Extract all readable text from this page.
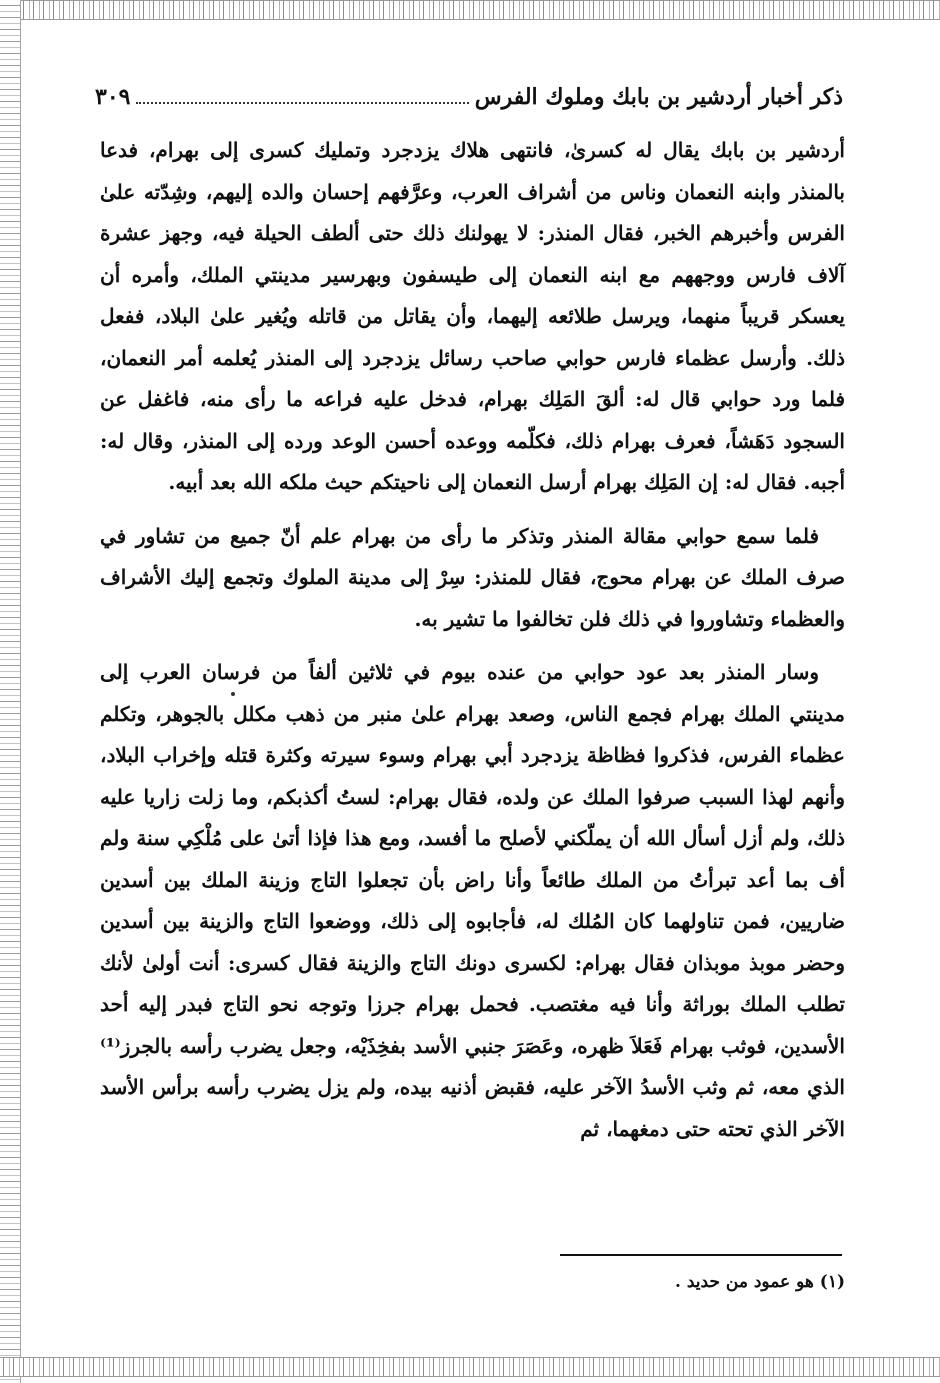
ذكر أخبار أردشير بن بابك وملوك الفرس
٣٠٩

أردشير بن بابك يقال له كسرىٰ، فانتهى هلاك يزدجرد وتمليك كسرى إلى بهرام، فدعا بالمنذر وابنه النعمان وناس من أشراف العرب، وعرَّفهم إحسان والده إليهم، وشِدّته علىٰ الفرس وأخبرهم الخبر، فقال المنذر: لا يهولنك ذلك حتى ألطف الحيلة فيه، وجهز عشرة آلاف فارس ووجههم مع ابنه النعمان إلى طيسفون وبهرسير مدينتي الملك، وأمره أن يعسكر قريباً منهما، ويرسل طلائعه إليهما، وأن يقاتل من قاتله ويُغير علىٰ البلاد، ففعل ذلك. وأرسل عظماء فارس حوابي صاحب رسائل يزدجرد إلى المنذر يُعلمه أمر النعمان، فلما ورد حوابي قال له: ألقَ المَلِك بهرام، فدخل عليه فراعه ما رأى منه، فاغفل عن السجود دَهَشاً، فعرف بهرام ذلك، فكلّمه ووعده أحسن الوعد ورده إلى المنذر، وقال له: أجبه. فقال له: إن المَلِك بهرام أرسل النعمان إلى ناحيتكم حيث ملكه الله بعد أبيه.

فلما سمع حوابي مقالة المنذر وتذكر ما رأى من بهرام علم أنّ جميع من تشاور في صرف الملك عن بهرام محوج، فقال للمنذر: سِرْ إلى مدينة الملوك وتجمع إليك الأشراف والعظماء وتشاوروا في ذلك فلن تخالفوا ما تشير به.

وسار المنذر بعد عود حوابي من عنده بيوم في ثلاثين ألفاً من فرسان العرب إلى مدينتي الملك بهرام فجمع الناس، وصعد بهرام علىٰ منبر من ذهب مكلل بالجوهر، وتكلم عظماء الفرس، فذكروا فظاظة يزدجرد أبي بهرام وسوء سيرته وكثرة قتله وإخراب البلاد، وأنهم لهذا السبب صرفوا الملك عن ولده، فقال بهرام: لستُ أكذبكم، وما زلت زاريا عليه ذلك، ولم أزل أسأل الله أن يملّكني لأصلح ما أفسد، ومع هذا فإذا أتىٰ على مُلْكِي سنة ولم أف بما أعد تبرأتُ من الملك طائعاً وأنا راض بأن تجعلوا التاج وزينة الملك بين أسدين ضاريين، فمن تناولهما كان المُلك له، فأجابوه إلى ذلك، ووضعوا التاج والزينة بين أسدين وحضر موبذ موبذان فقال بهرام: لكسرى دونك التاج والزينة فقال كسرى: أنت أولىٰ لأنك تطلب الملك بوراثة وأنا فيه مغتصب. فحمل بهرام جرزا وتوجه نحو التاج فبدر إليه أحد الأسدين، فوثب بهرام فَعَلاَ ظهره، وعَصَرَ جنبي الأسد بفخِذَيْه، وجعل يضرب رأسه بالجرز⁽¹⁾ الذي معه، ثم وثب الأسدُ الآخر عليه، فقبض أذنيه بيده، ولم يزل يضرب رأسه برأس الأسد الآخر الذي تحته حتى دمغهما، ثم

(١) هو عمود من حديد .
